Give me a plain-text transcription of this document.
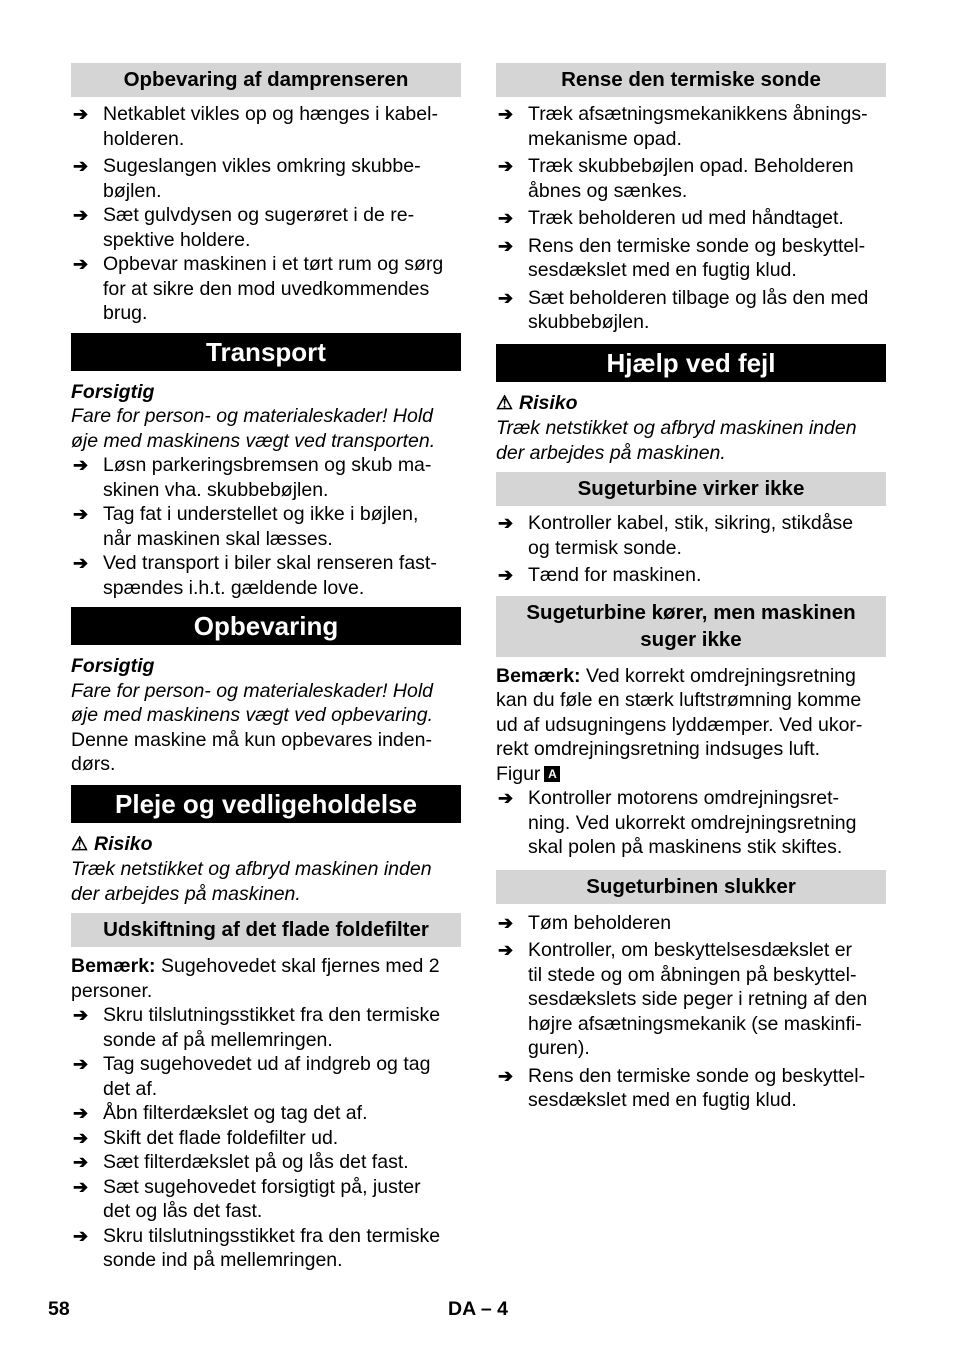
Opbevaring af damprenseren
➔ Netkablet vikles op og hænges i kabel-
holderen.
➔ Sugeslangen vikles omkring skubbe-
bøjlen.
➔ Sæt gulvdysen og sugerøret i de re-
spektive holdere.
➔ Opbevar maskinen i et tørt rum og sørg
for at sikre den mod uvedkommendes
brug.
Transport
Forsigtig
Fare for person- og materialeskader! Hold
øje med maskinens vægt ved transporten.
➔ Løsn parkeringsbremsen og skub ma-
skinen vha. skubbebøjlen.
➔ Tag fat i understellet og ikke i bøjlen,
når maskinen skal læsses.
➔ Ved transport i biler skal renseren fast-
spændes i.h.t. gældende love.
Opbevaring
Forsigtig
Fare for person- og materialeskader! Hold
øje med maskinens vægt ved opbevaring.
Denne maskine må kun opbevares inden-
dørs.
Pleje og vedligeholdelse
⚠ Risiko
Træk netstikket og afbryd maskinen inden
der arbejdes på maskinen.
Udskiftning af det flade foldefilter
Bemærk: Sugehovedet skal fjernes med 2
personer.
➔ Skru tilslutningsstikket fra den termiske
sonde af på mellemringen.
➔ Tag sugehovedet ud af indgreb og tag
det af.
➔ Åbn filterdækslet og tag det af.
➔ Skift det flade foldefilter ud.
➔ Sæt filterdækslet på og lås det fast.
➔ Sæt sugehovedet forsigtigt på, juster
det og lås det fast.
➔ Skru tilslutningsstikket fra den termiske
sonde ind på mellemringen.
Rense den termiske sonde
➔ Træk afsætningsmekanikkens åbnings-
mekanisme opad.
➔ Træk skubbebøjlen opad. Beholderen
åbnes og sænkes.
➔ Træk beholderen ud med håndtaget.
➔ Rens den termiske sonde og beskyttel-
sesdækslet med en fugtig klud.
➔ Sæt beholderen tilbage og lås den med
skubbebøjlen.
Hjælp ved fejl
⚠ Risiko
Træk netstikket og afbryd maskinen inden
der arbejdes på maskinen.
Sugeturbine virker ikke
➔ Kontroller kabel, stik, sikring, stikdåse
og termisk sonde.
➔ Tænd for maskinen.
Sugeturbine kører, men maskinen
suger ikke
Bemærk: Ved korrekt omdrejningsretning
kan du føle en stærk luftstrømning komme
ud af udsugningens lyddæmper. Ved ukor-
rekt omdrejningsretning indsuges luft.
Figur A
➔ Kontroller motorens omdrejningsret-
ning. Ved ukorrekt omdrejningsretning
skal polen på maskinens stik skiftes.
Sugeturbinen slukker
➔ Tøm beholderen
➔ Kontroller, om beskyttelsesdækslet er
til stede og om åbningen på beskyttel-
sesdækslets side peger i retning af den
højre afsætningsmekanik (se maskinfi-
guren).
➔ Rens den termiske sonde og beskyttel-
sesdækslet med en fugtig klud.
58	DA – 4
